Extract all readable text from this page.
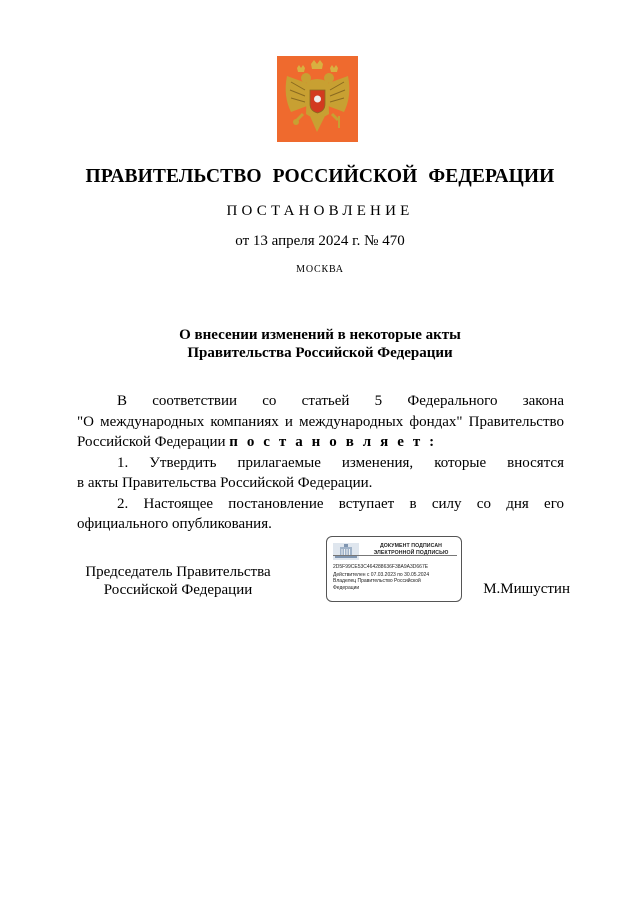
ПРАВИТЕЛЬСТВО РОССИЙСКОЙ ФЕДЕРАЦИИ
ПОСТАНОВЛЕНИЕ
от 13 апреля 2024 г. № 470
МОСКВА
О внесении изменений в некоторые акты
Правительства Российской Федерации
В соответствии со статьей 5 Федерального закона
"О международных компаниях и международных фондах" Правительство
Российской Федерации п о с т а н о в л я е т :
1. Утвердить прилагаемые изменения, которые вносятся
в акты Правительства Российской Федерации.
2. Настоящее постановление вступает в силу со дня его
официального опубликования.
Председатель Правительства
Российской Федерации
ДОКУМЕНТ ПОДПИСАН
ЭЛЕКТРОННОЙ ПОДПИСЬЮ
2D5F99CE53C464288636F38A9A3D667E
Действителен с 07.03.2023 по 30.05.2024
Владелец Правительство Российской
Федерации	М.Мишустин
